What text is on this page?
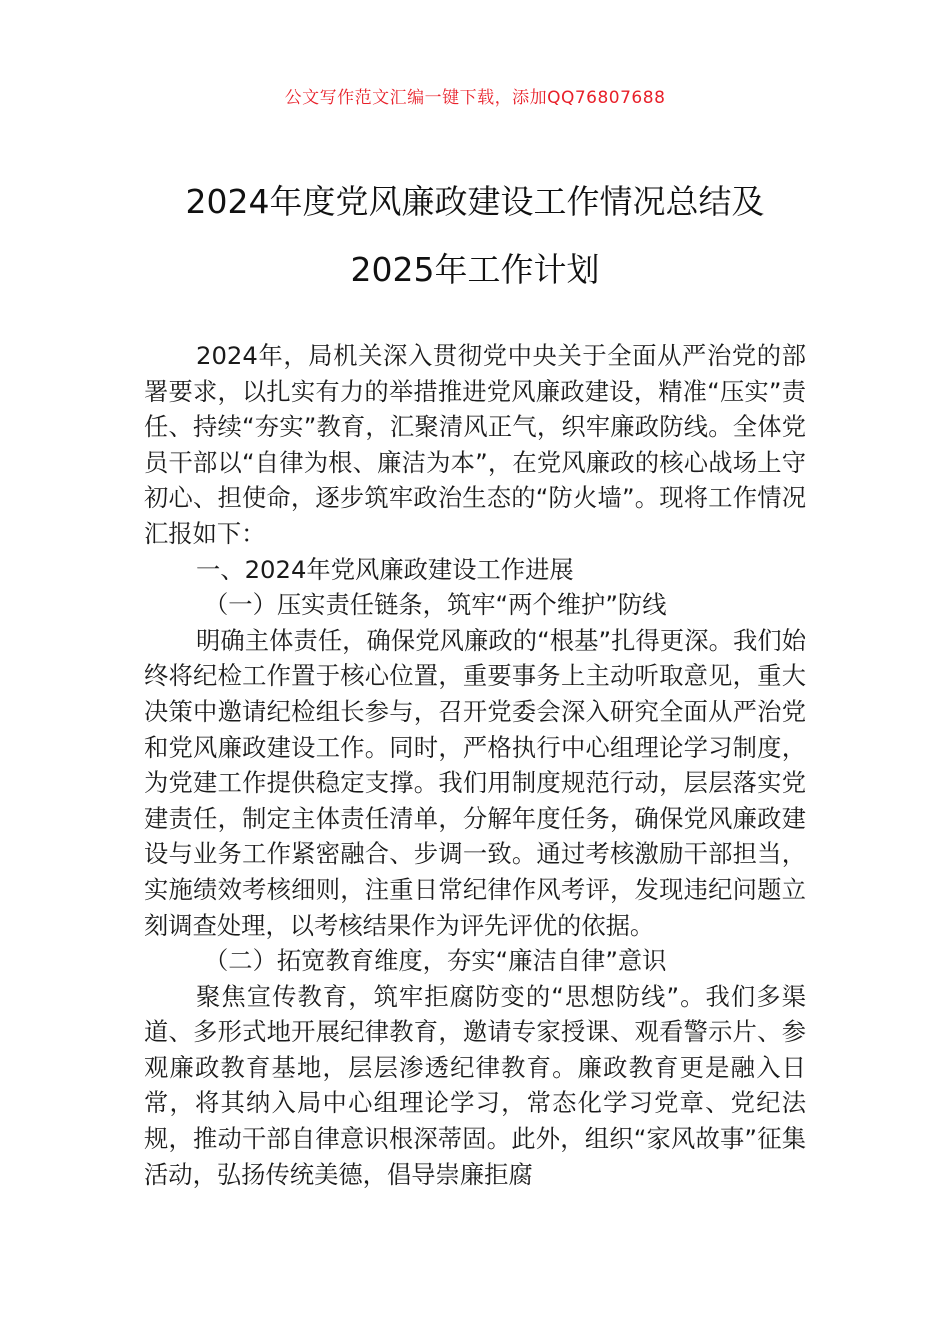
公文写作范文汇编一键下载，添加QQ76807688
2024年度党风廉政建设工作情况总结及
2025年工作计划

2024年，局机关深入贯彻党中央关于全面从严治党的部署要求，以扎实有力的举措推进党风廉政建设，精准“压实”责任、持续“夯实”教育，汇聚清风正气，织牢廉政防线。全体党员干部以“自律为根、廉洁为本”，在党风廉政的核心战场上守初心、担使命，逐步筑牢政治生态的“防火墙”。现将工作情况汇报如下：

一、2024年党风廉政建设工作进展

（一）压实责任链条，筑牢“两个维护”防线

明确主体责任，确保党风廉政的“根基”扎得更深。我们始终将纪检工作置于核心位置，重要事务上主动听取意见，重大决策中邀请纪检组长参与，召开党委会深入研究全面从严治党和党风廉政建设工作。同时，严格执行中心组理论学习制度，为党建工作提供稳定支撑。我们用制度规范行动，层层落实党建责任，制定主体责任清单，分解年度任务，确保党风廉政建设与业务工作紧密融合、步调一致。通过考核激励干部担当，实施绩效考核细则，注重日常纪律作风考评，发现违纪问题立刻调查处理，以考核结果作为评先评优的依据。

（二）拓宽教育维度，夯实“廉洁自律”意识

聚焦宣传教育，筑牢拒腐防变的“思想防线”。我们多渠道、多形式地开展纪律教育，邀请专家授课、观看警示片、参观廉政教育基地，层层渗透纪律教育。廉政教育更是融入日常，将其纳入局中心组理论学习，常态化学习党章、党纪法规，推动干部自律意识根深蒂固。此外，组织“家风故事”征集活动，弘扬传统美德，倡导崇廉拒腐
